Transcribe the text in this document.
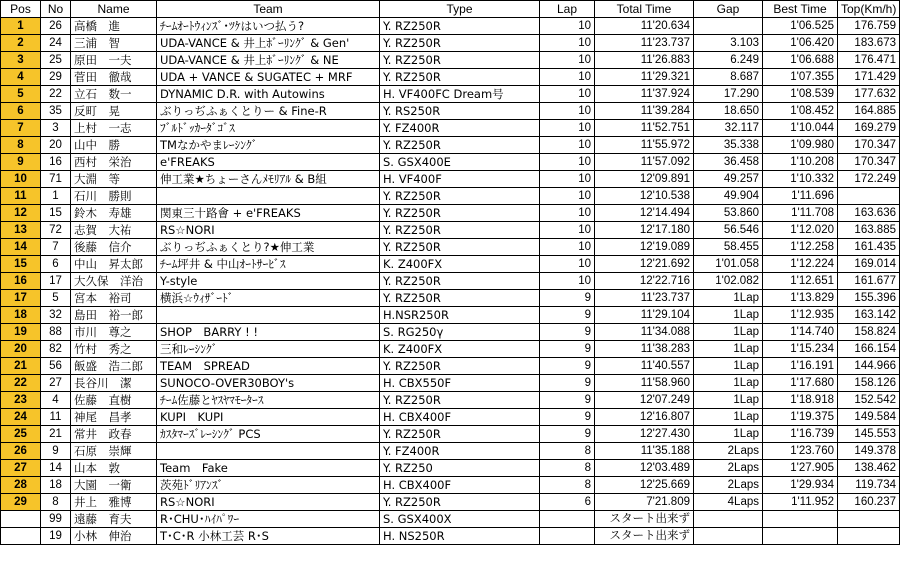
Pos	No	Name	Team	Type	Lap	Total Time	Gap	Best Time	Top(Km/h)
1	26	高橋　進	ﾁｰﾑｵｰﾄｳｨﾝｽﾞ･ﾂｹはいつ払う?	Y. RZ250R	10	11'20.634		1'06.525	176.759
2	24	三浦　智	UDA-VANCE & 井上ﾎﾞｰﾘﾝｸﾞ & Gen'	Y. RZ250R	10	11'23.737	3.103	1'06.420	183.673
3	25	原田　一夫	UDA-VANCE & 井上ﾎﾞｰﾘﾝｸﾞ & NE	Y. RZ250R	10	11'26.883	6.249	1'06.688	176.471
4	29	菅田　徹哉	UDA + VANCE & SUGATEC + MRF	Y. RZ250R	10	11'29.321	8.687	1'07.355	171.429
5	22	立石　数一	DYNAMIC D.R. with Autowins	H. VF400FC Dream号	10	11'37.924	17.290	1'08.539	177.632
6	35	反町　晃	ぶりっぢふぁくとりー & Fine-R	Y. RS250R	10	11'39.284	18.650	1'08.452	164.885
7	3	上村　一志	ﾌﾞﾙﾄﾞｯｶｰﾀﾞｺﾞｽ	Y. FZ400R	10	11'52.751	32.117	1'10.044	169.279
8	20	山中　勝	TMなかやまﾚｰｼﾝｸﾞ	Y. RZ250R	10	11'55.972	35.338	1'09.980	170.347
9	16	西村　栄治	e'FREAKS	S. GSX400E	10	11'57.092	36.458	1'10.208	170.347
10	71	大淵　等	伸工業★ちょーさんﾒﾓﾘｱﾙ & B組	H. VF400F	10	12'09.891	49.257	1'10.332	172.249
11	1	石川　勝則		Y. RZ250R	10	12'10.538	49.904	1'11.696	
12	15	鈴木　寿雄	関東三十路會 + e'FREAKS	Y. RZ250R	10	12'14.494	53.860	1'11.708	163.636
13	72	志賀　大祐	RS☆NORI	Y. RZ250R	10	12'17.180	56.546	1'12.020	163.885
14	7	後藤　信介	ぶりっぢふぁくとり?★伸工業	Y. RZ250R	10	12'19.089	58.455	1'12.258	161.435
15	6	中山　昇太郎	ﾁｰﾑ坪井 & 中山ｵｰﾄｻｰﾋﾞｽ	K. Z400FX	10	12'21.692	1'01.058	1'12.224	169.014
16	17	大久保　洋治	Y-style	Y. RZ250R	10	12'22.716	1'02.082	1'12.651	161.677
17	5	宮本　裕司	横浜☆ｳｨｻﾞｰﾄﾞ	Y. RZ250R	9	11'23.737	1Lap	1'13.829	155.396
18	32	島田　裕一郎		H.NSR250R	9	11'29.104	1Lap	1'12.935	163.142
19	88	市川　尊之	SHOP　BARRY ! !	S. RG250γ	9	11'34.088	1Lap	1'14.740	158.824
20	82	竹村　秀之	三和ﾚｰｼﾝｸﾞ	K. Z400FX	9	11'38.283	1Lap	1'15.234	166.154
21	56	飯盛　浩二郎	TEAM　SPREAD	Y. RZ250R	9	11'40.557	1Lap	1'16.191	144.966
22	27	長谷川　潔	SUNOCO-OVER30BOY's	H. CBX550F	9	11'58.960	1Lap	1'17.680	158.126
23	4	佐藤　直樹	ﾁｰﾑ佐藤とﾔｽﾔﾏﾓｰﾀｰｽ	Y. RZ250R	9	12'07.249	1Lap	1'18.918	152.542
24	11	神尾　昌孝	KUPI　KUPI	H. CBX400F	9	12'16.807	1Lap	1'19.375	149.584
25	21	常井　政春	ｶｽﾀﾏｰｽﾞﾚｰｼﾝｸﾞ PCS	Y. RZ250R	9	12'27.430	1Lap	1'16.739	145.553
26	9	石原　崇輝		Y. FZ400R	8	11'35.188	2Laps	1'23.760	149.378
27	14	山本　敦	Team　Fake	Y. RZ250	8	12'03.489	2Laps	1'27.905	138.462
28	18	大園　一衛	茨苑ﾄﾞﾘｱﾝｽﾞ	H. CBX400F	8	12'25.669	2Laps	1'29.934	119.734
29	8	井上　雅博	RS☆NORI	Y. RZ250R	6	7'21.809	4Laps	1'11.952	160.237
	99	遠藤　育夫	R･CHU･ﾊｲﾊﾟﾜｰ	S. GSX400X		スタート出来ず			
	19	小林　伸治	T･C･R 小林工芸 R･S	H. NS250R		スタート出来ず			
